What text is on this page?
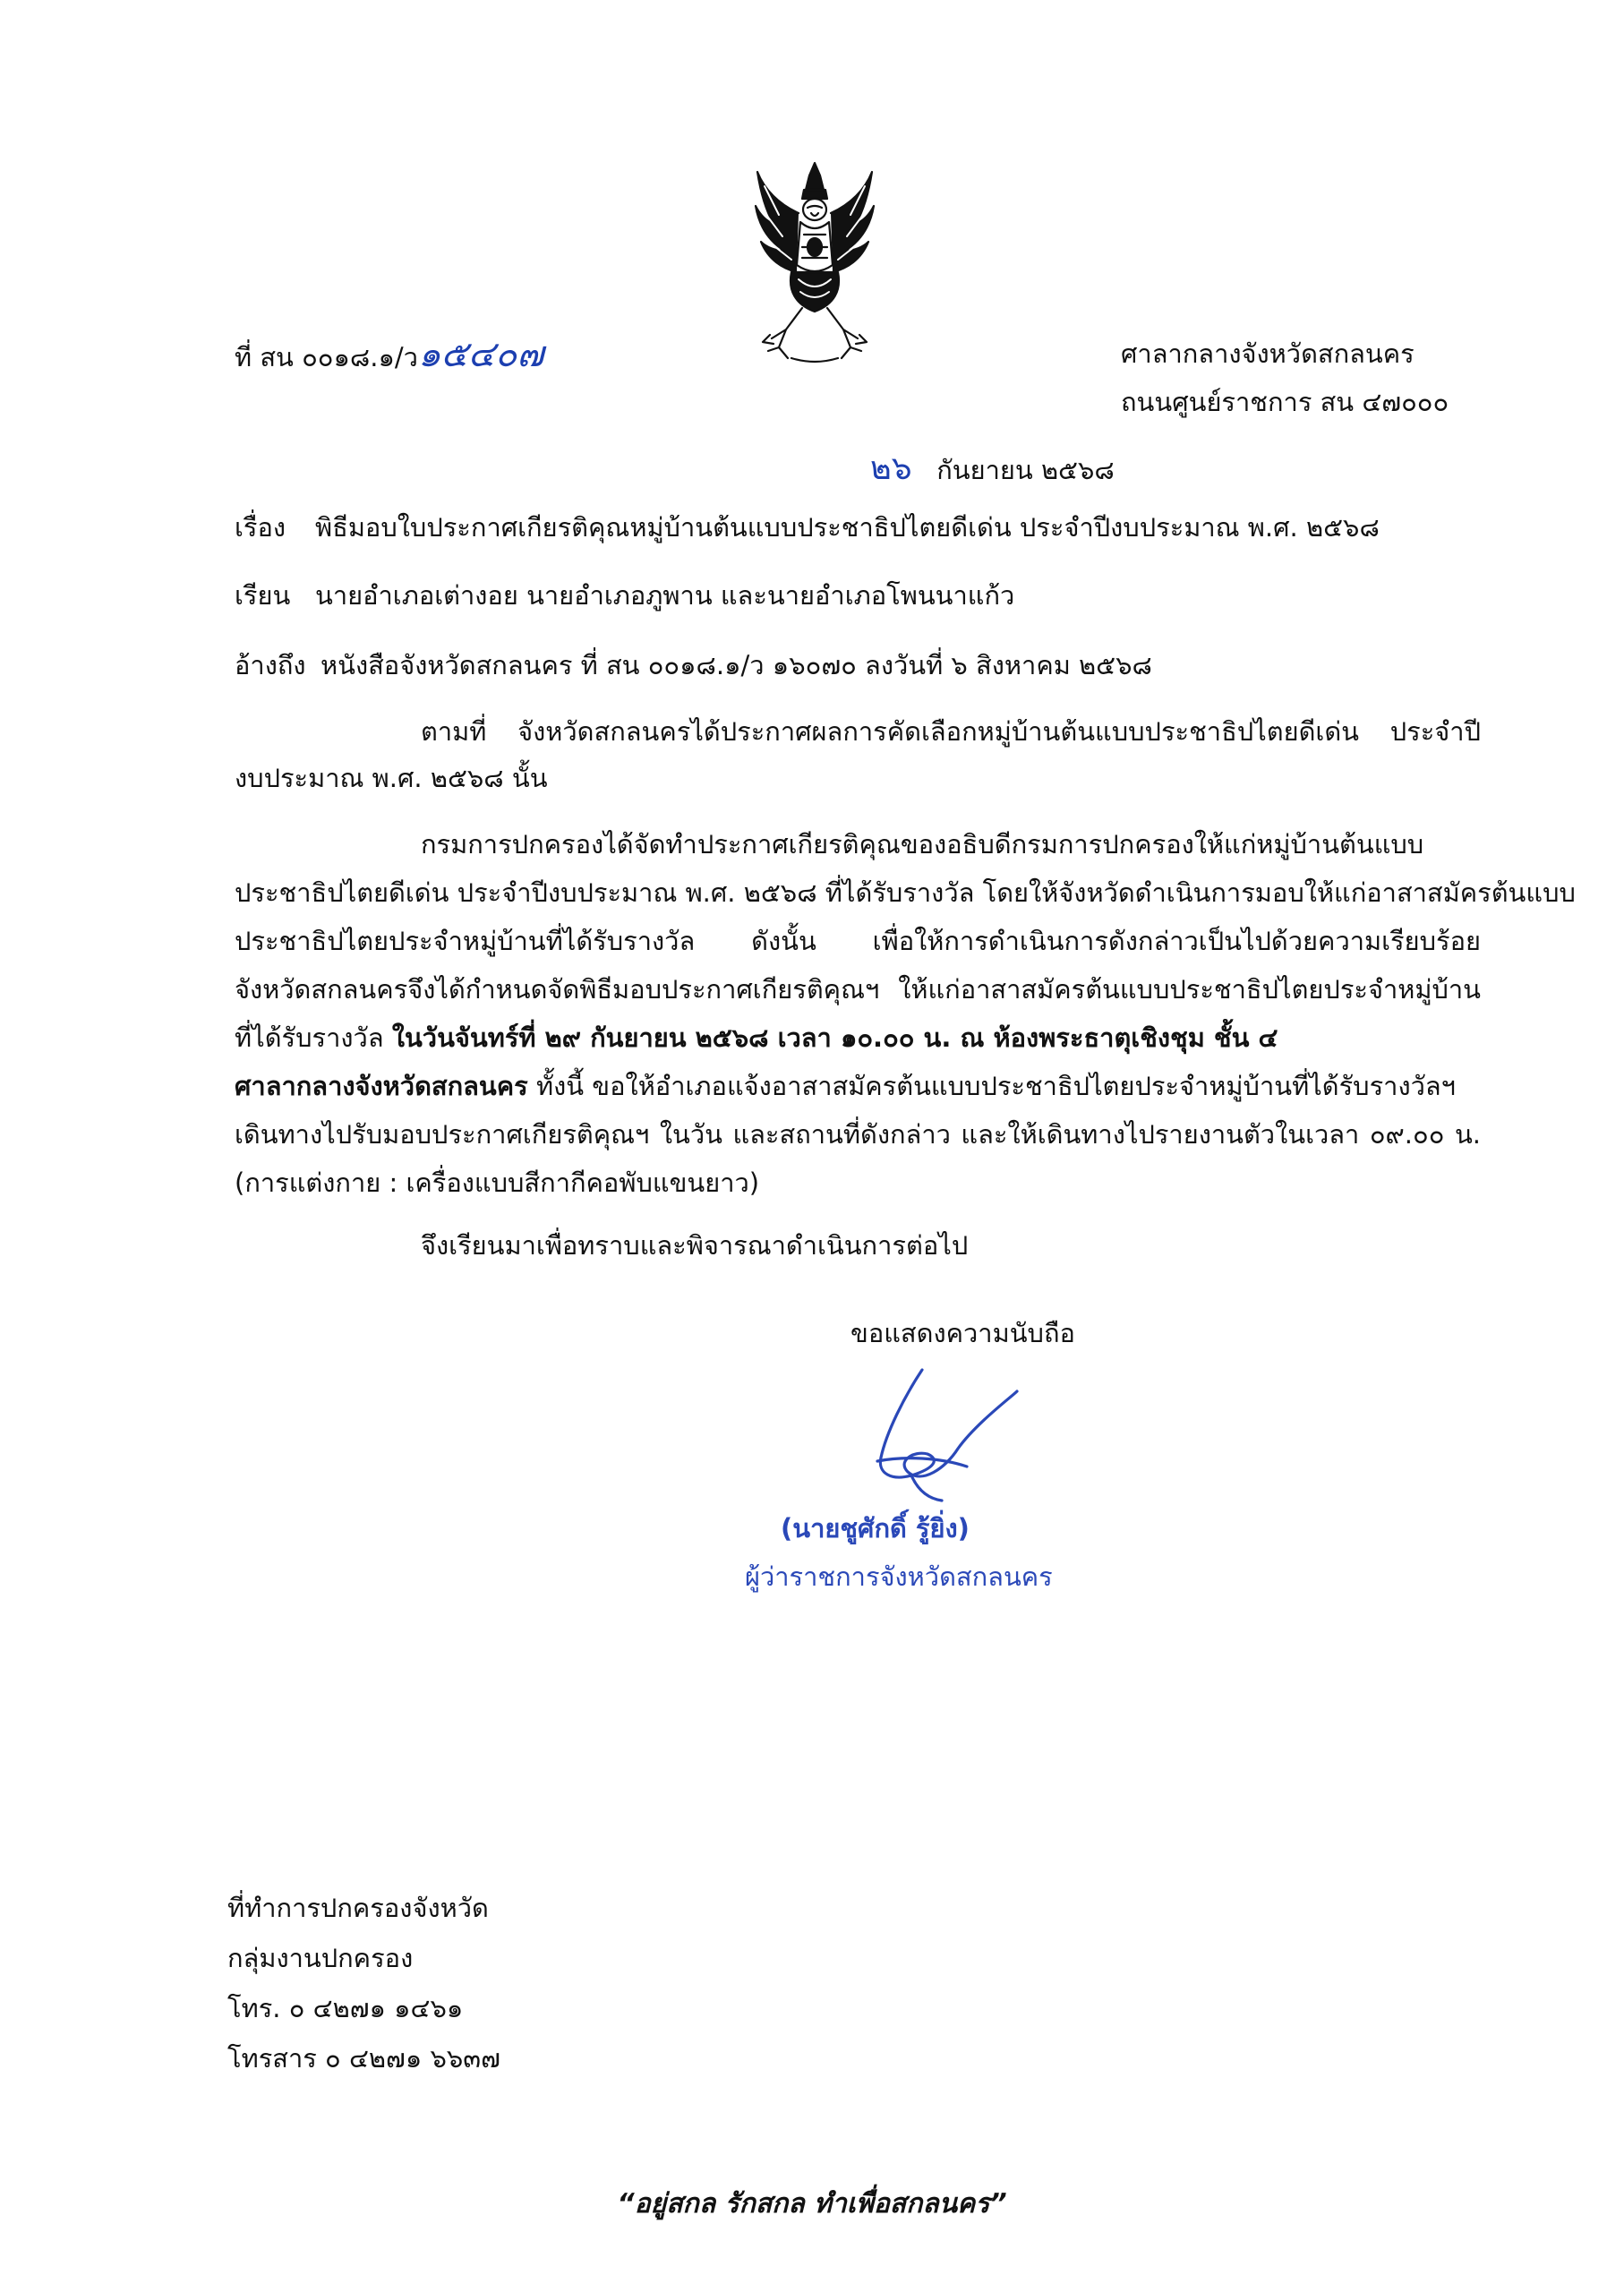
ที่ สน ๐๐๑๘.๑/ว๑๕๔๐๗	ศาลากลางจังหวัดสกลนคร
ถนนศูนย์ราชการ สน ๔๗๐๐๐
๒๖ กันยายน ๒๕๖๘
เรื่อง พิธีมอบใบประกาศเกียรติคุณหมู่บ้านต้นแบบประชาธิปไตยดีเด่น ประจำปีงบประมาณ พ.ศ. ๒๕๖๘
เรียน นายอำเภอเต่างอย นายอำเภอภูพาน และนายอำเภอโพนนาแก้ว
อ้างถึง หนังสือจังหวัดสกลนคร ที่ สน ๐๐๑๘.๑/ว ๑๖๐๗๐ ลงวันที่ ๖ สิงหาคม ๒๕๖๘
ตามที่ จังหวัดสกลนครได้ประกาศผลการคัดเลือกหมู่บ้านต้นแบบประชาธิปไตยดีเด่น ประจำปี
งบประมาณ พ.ศ. ๒๕๖๘ นั้น
กรมการปกครองได้จัดทำประกาศเกียรติคุณของอธิบดีกรมการปกครองให้แก่หมู่บ้านต้นแบบ
ประชาธิปไตยดีเด่น ประจำปีงบประมาณ พ.ศ. ๒๕๖๘ ที่ได้รับรางวัล โดยให้จังหวัดดำเนินการมอบให้แก่อาสาสมัครต้นแบบ
ประชาธิปไตยประจำหมู่บ้านที่ได้รับรางวัล ดังนั้น เพื่อให้การดำเนินการดังกล่าวเป็นไปด้วยความเรียบร้อย
จังหวัดสกลนครจึงได้กำหนดจัดพิธีมอบประกาศเกียรติคุณฯ ให้แก่อาสาสมัครต้นแบบประชาธิปไตยประจำหมู่บ้าน
ที่ได้รับรางวัล ในวันจันทร์ที่ ๒๙ กันยายน ๒๕๖๘ เวลา ๑๐.๐๐ น. ณ ห้องพระธาตุเชิงชุม ชั้น ๔
ศาลากลางจังหวัดสกลนคร ทั้งนี้ ขอให้อำเภอแจ้งอาสาสมัครต้นแบบประชาธิปไตยประจำหมู่บ้านที่ได้รับรางวัลฯ
เดินทางไปรับมอบประกาศเกียรติคุณฯ ในวัน และสถานที่ดังกล่าว และให้เดินทางไปรายงานตัวในเวลา ๐๙.๐๐ น.
(การแต่งกาย : เครื่องแบบสีกากีคอพับแขนยาว)
จึงเรียนมาเพื่อทราบและพิจารณาดำเนินการต่อไป
ขอแสดงความนับถือ
(นายชูศักดิ์ รู้ยิ่ง)
ผู้ว่าราชการจังหวัดสกลนคร
ที่ทำการปกครองจังหวัด
กลุ่มงานปกครอง
โทร. ๐ ๔๒๗๑ ๑๔๖๑
โทรสาร ๐ ๔๒๗๑ ๖๖๓๗
“อยู่สกล รักสกล ทำเพื่อสกลนคร”
